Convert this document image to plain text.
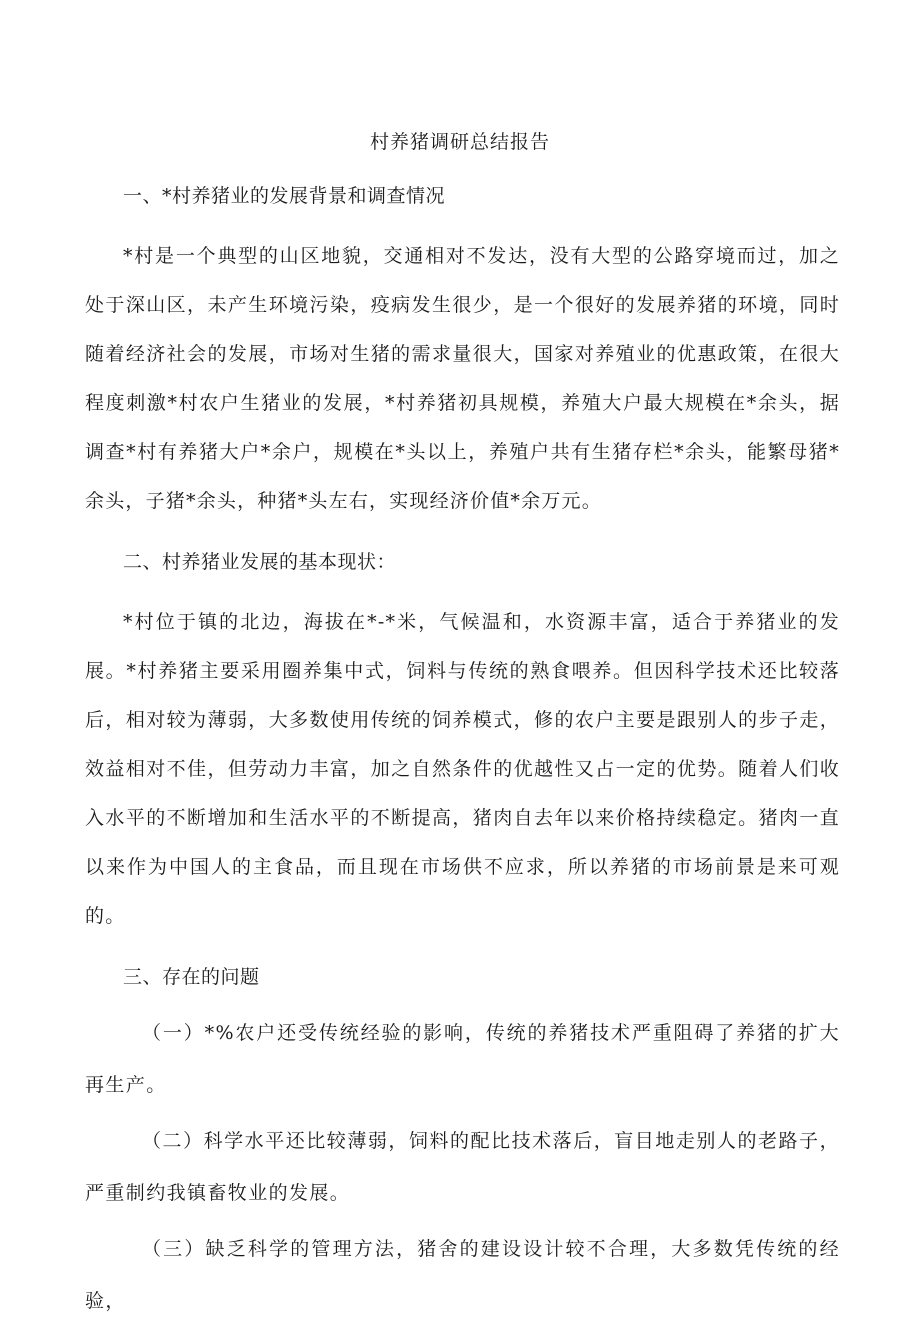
村养猪调研总结报告
一、*村养猪业的发展背景和调查情况
*村是一个典型的山区地貌，交通相对不发达，没有大型的公路穿境而过，加之处于深山区，未产生环境污染，疫病发生很少，是一个很好的发展养猪的环境，同时随着经济社会的发展，市场对生猪的需求量很大，国家对养殖业的优惠政策，在很大程度刺激*村农户生猪业的发展，*村养猪初具规模，养殖大户最大规模在*余头，据调查*村有养猪大户*余户，规模在*头以上，养殖户共有生猪存栏*余头，能繁母猪*余头，子猪*余头，种猪*头左右，实现经济价值*余万元。
二、村养猪业发展的基本现状：
*村位于镇的北边，海拔在*-*米，气候温和，水资源丰富，适合于养猪业的发展。*村养猪主要采用圈养集中式，饲料与传统的熟食喂养。但因科学技术还比较落后，相对较为薄弱，大多数使用传统的饲养模式，修的农户主要是跟别人的步子走，效益相对不佳，但劳动力丰富，加之自然条件的优越性又占一定的优势。随着人们收入水平的不断增加和生活水平的不断提高，猪肉自去年以来价格持续稳定。猪肉一直以来作为中国人的主食品，而且现在市场供不应求，所以养猪的市场前景是来可观的。
三、存在的问题
（一）*%农户还受传统经验的影响，传统的养猪技术严重阻碍了养猪的扩大再生产。
（二）科学水平还比较薄弱，饲料的配比技术落后，盲目地走别人的老路子，严重制约我镇畜牧业的发展。
（三）缺乏科学的管理方法，猪舍的建设设计较不合理，大多数凭传统的经验，
